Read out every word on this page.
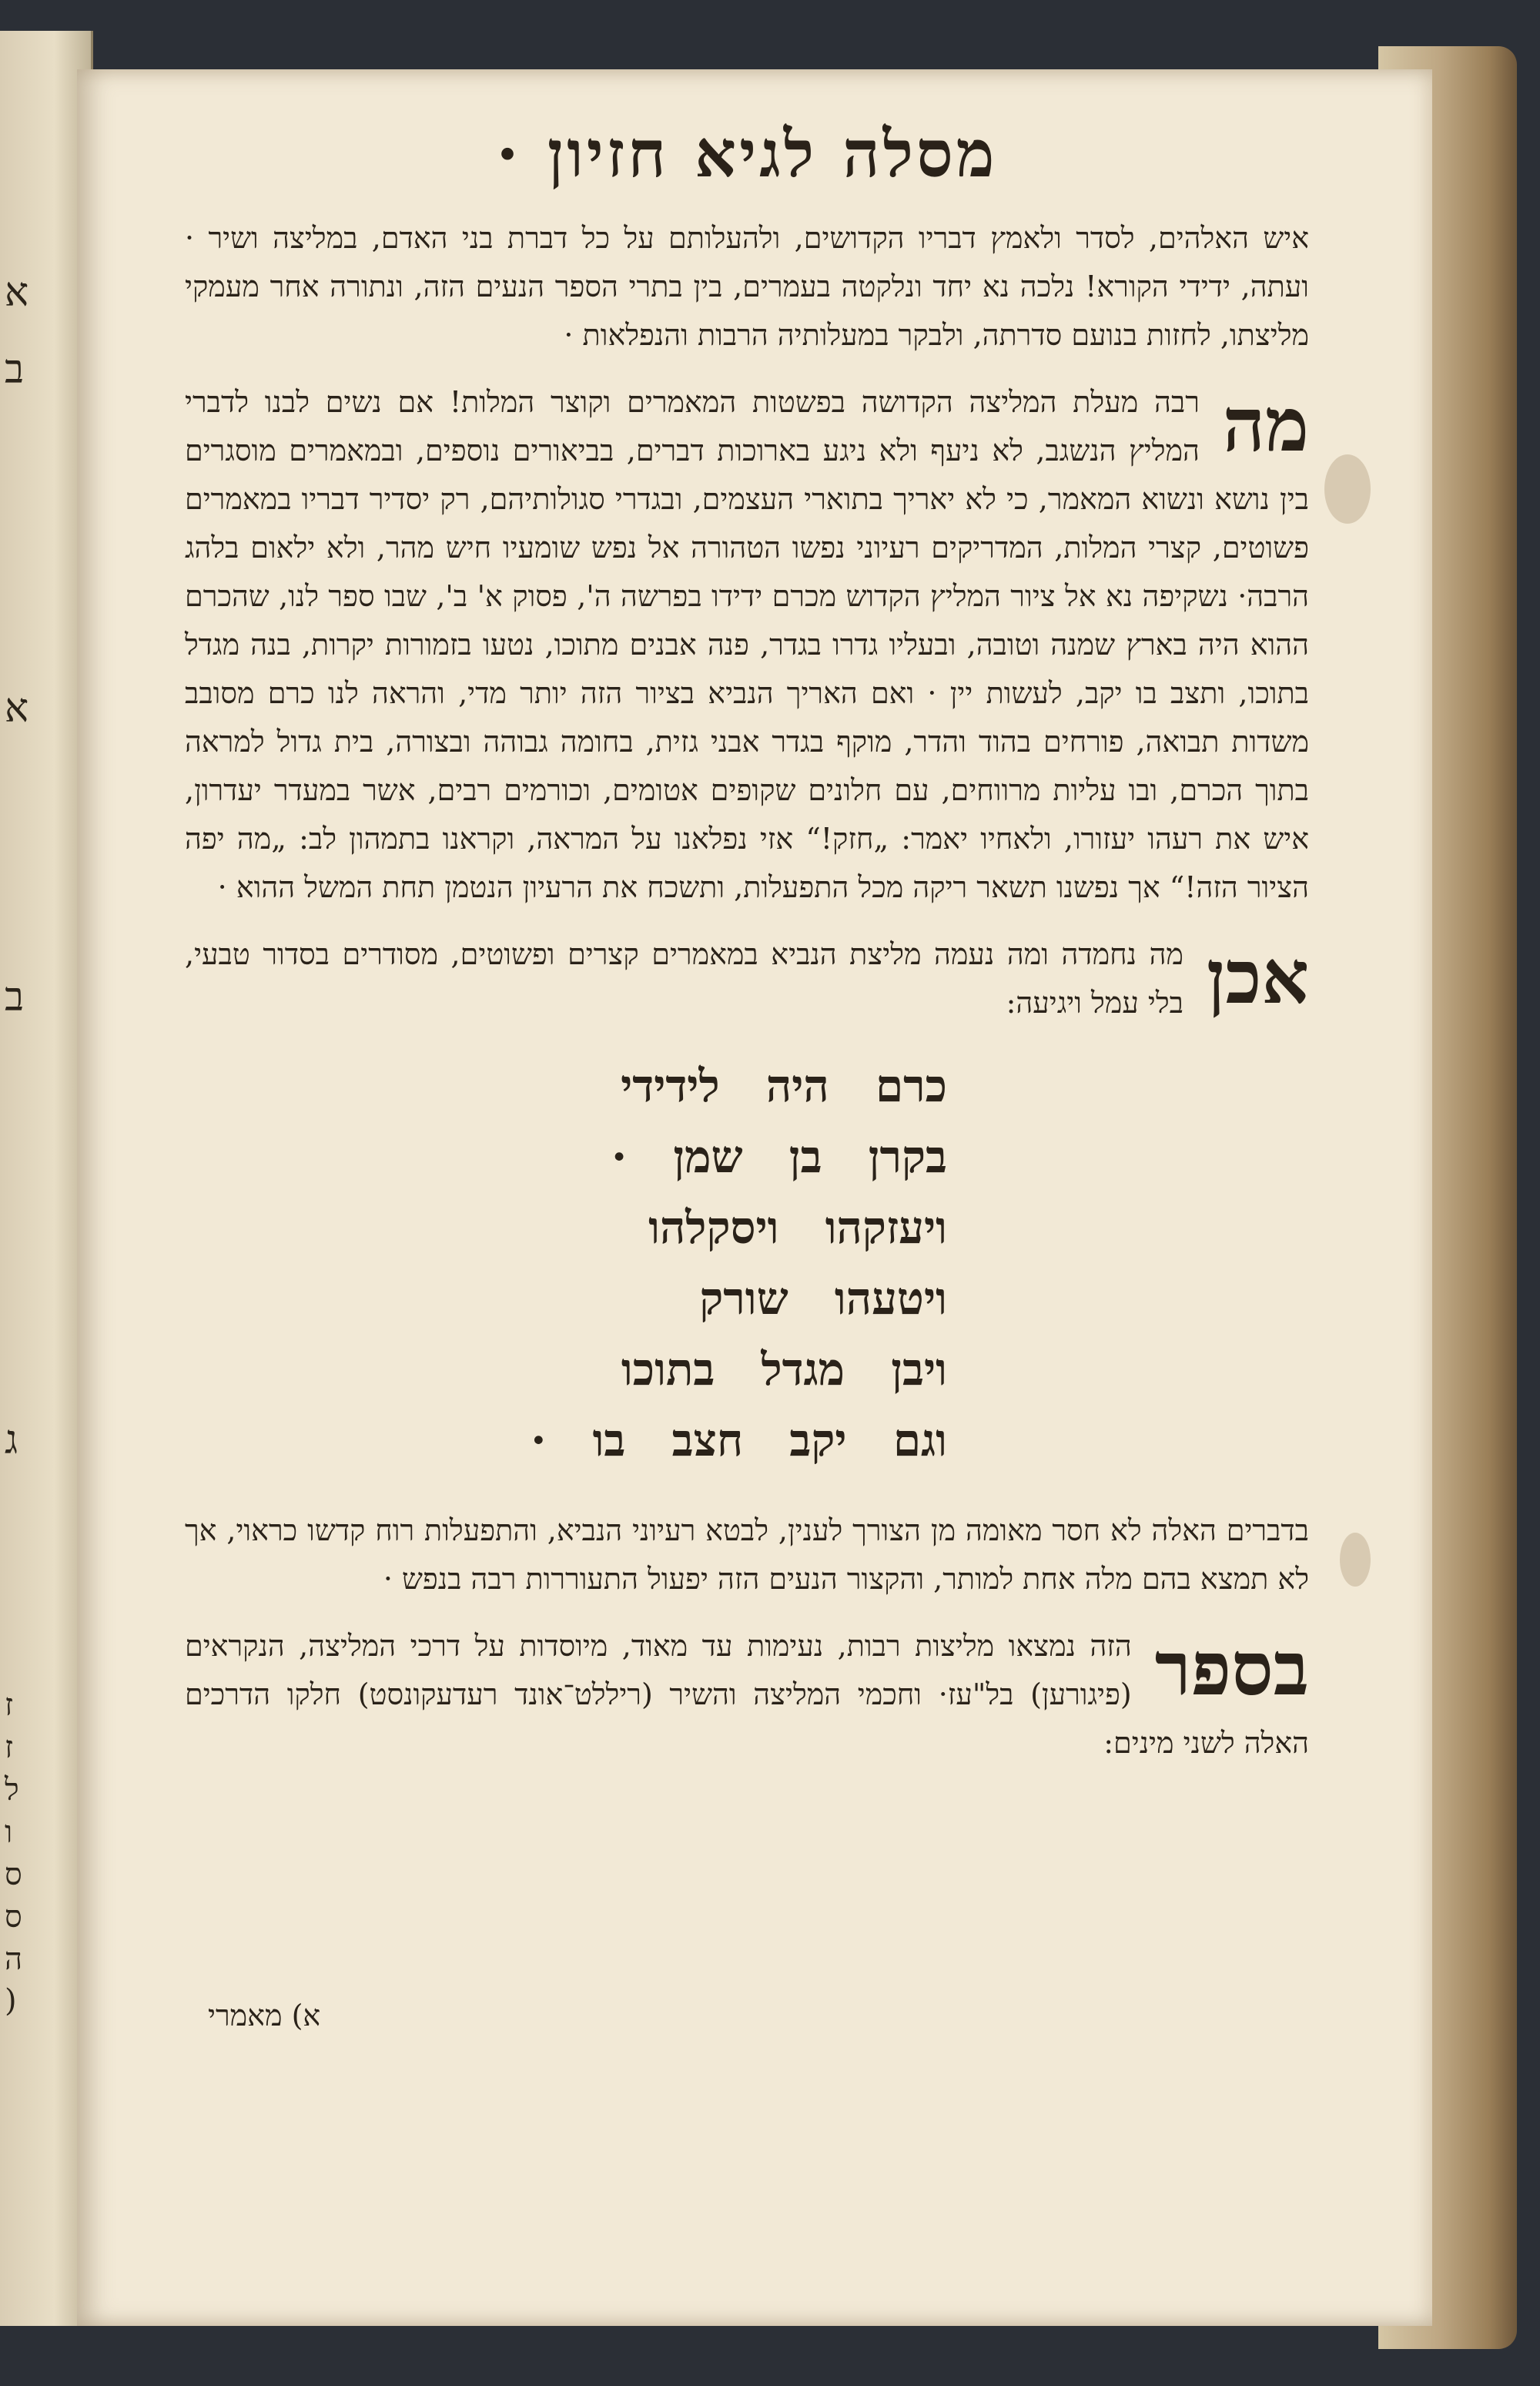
א
ב
א
ב
ג
ז
ז
ל
ו
ס
ס
ה
(
מסלה לגיא חזיון ·

איש האלהים, לסדר ולאמץ דבריו הקדושים, ולהעלותם על כל דברת בני האדם, במליצה ושיר · ועתה, ידידי הקורא! נלכה נא יחד ונלקטה בעמרים, בין בתרי הספר הנעים הזה, ונתורה אחר מעמקי מליצתו, לחזות בנועם סדרתה, ולבקר במעלותיה הרבות והנפלאות ·

מה
רבה מעלת המליצה הקדושה בפשטות המאמרים וקוצר המלות! אם נשים לבנו לדברי המליץ הנשגב, לא ניעף ולא ניגע בארוכות דברים, בביאורים נוספים, ובמאמרים מוסגרים בין נושא ונשוא המאמר, כי לא יאריך בתוארי העצמים, ובגדרי סגולותיהם, רק יסדיר דבריו במאמרים פשוטים, קצרי המלות, המדריקים רעיוני נפשו הטהורה אל נפש שומעיו חיש מהר, ולא ילאום בלהג הרבה· נשקיפה נא אל ציור המליץ הקדוש מכרם ידידו בפרשה ה', פסוק א' ב', שבו ספר לנו, שהכרם ההוא היה בארץ שמנה וטובה, ובעליו גדרו בגדר, פנה אבנים מתוכו, נטעו בזמורות יקרות, בנה מגדל בתוכו, ותצב בו יקב, לעשות יין · ואם האריך הנביא בציור הזה יותר מדי, והראה לנו כרם מסובב משדות תבואה, פורחים בהוד והדר, מוקף בגדר אבני גזית, בחומה גבוהה ובצורה, בית גדול למראה בתוך הכרם, ובו עליות מרווחים, עם חלונים שקופים אטומים, וכורמים רבים, אשר במעדר יעדרון, איש את רעהו יעזורו, ולאחיו יאמר: „חזק!“ אזי נפלאנו על המראה, וקראנו בתמהון לב: „מה יפה הציור הזה!“ אך נפשנו תשאר ריקה מכל התפעלות, ותשכח את הרעיון הנטמן תחת המשל ההוא ·

אכן
מה נחמדה ומה נעמה מליצת הנביא במאמרים קצרים ופשוטים, מסודרים בסדור טבעי, בלי עמל ויגיעה:

כרם היה לידידי

בקרן בן שמן ·

ויעזקהו ויסקלהו

ויטעהו שורק

ויבן מגדל בתוכו

וגם יקב חצב בו ·

בדברים האלה לא חסר מאומה מן הצורך לענין, לבטא רעיוני הנביא, והתפעלות רוח קדשו כראוי, אך לא תמצא בהם מלה אחת למותר, והקצור הנעים הזה יפעול התעוררות רבה בנפש ·

בספר
הזה נמצאו מליצות רבות, נעימות עד מאוד, מיוסדות על דרכי המליצה, הנקראים (פיגורען) בל"עז· וחכמי המליצה והשיר (ריללט־אונד רעדעקונסט) חלקו הדרכים האלה לשני מינים:

א) מאמרי
